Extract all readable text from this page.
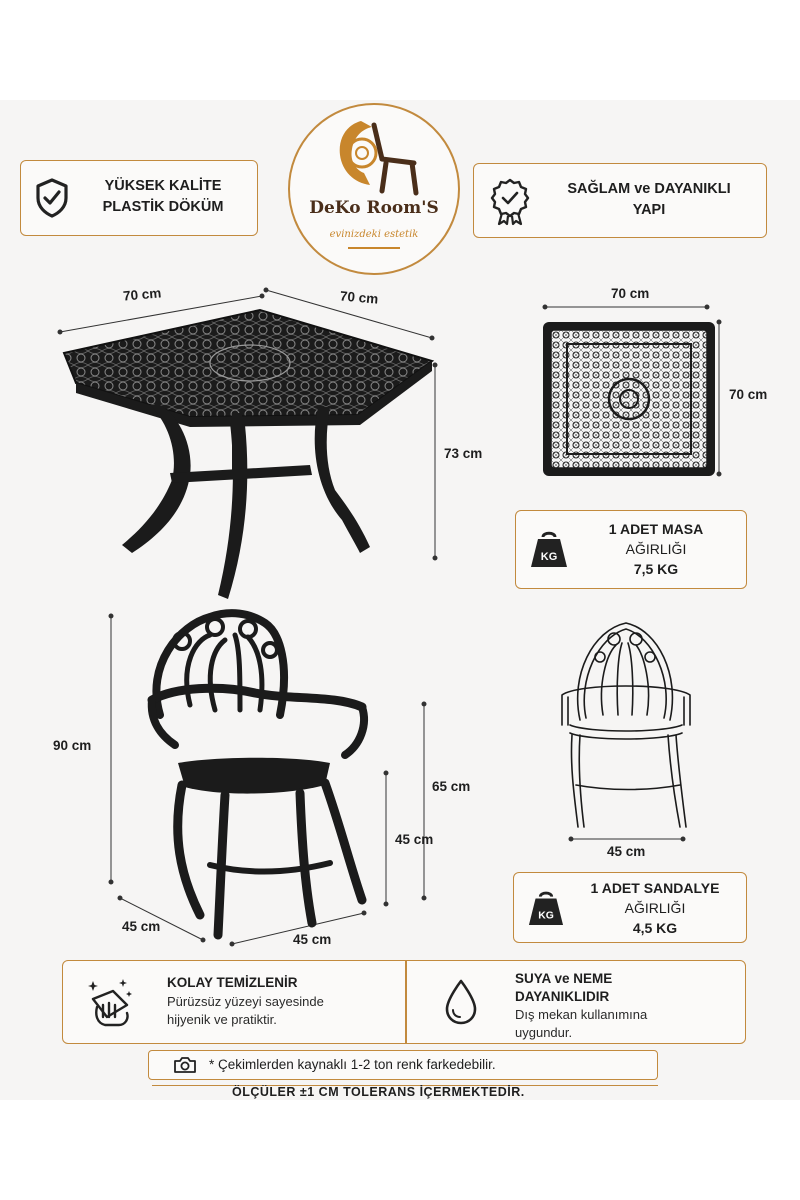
YÜKSEK KALİTE
PLASTİK DÖKÜM	DeKo Room'S
evinizdeki estetik
SAĞLAM ve DAYANIKLI
YAPI
70 cm	70 cm
73 cm
70 cm
70 cm
KG
1 ADET MASA
AĞIRLIĞI
7,5 KG
90 cm
65 cm
45 cm
45 cm
45 cm
45 cm
KG
1 ADET SANDALYE
AĞIRLIĞI
4,5 KG
KOLAY TEMİZLENİR
Pürüzsüz yüzeyi sayesinde
hijyenik ve pratiktir.
SUYA ve NEME
DAYANIKLIDIR
Dış mekan kullanımına
uygundur.
* Çekimlerden kaynaklı 1-2 ton renk farkedebilir.
ÖLÇÜLER ±1 CM TOLERANS İÇERMEKTEDİR.
